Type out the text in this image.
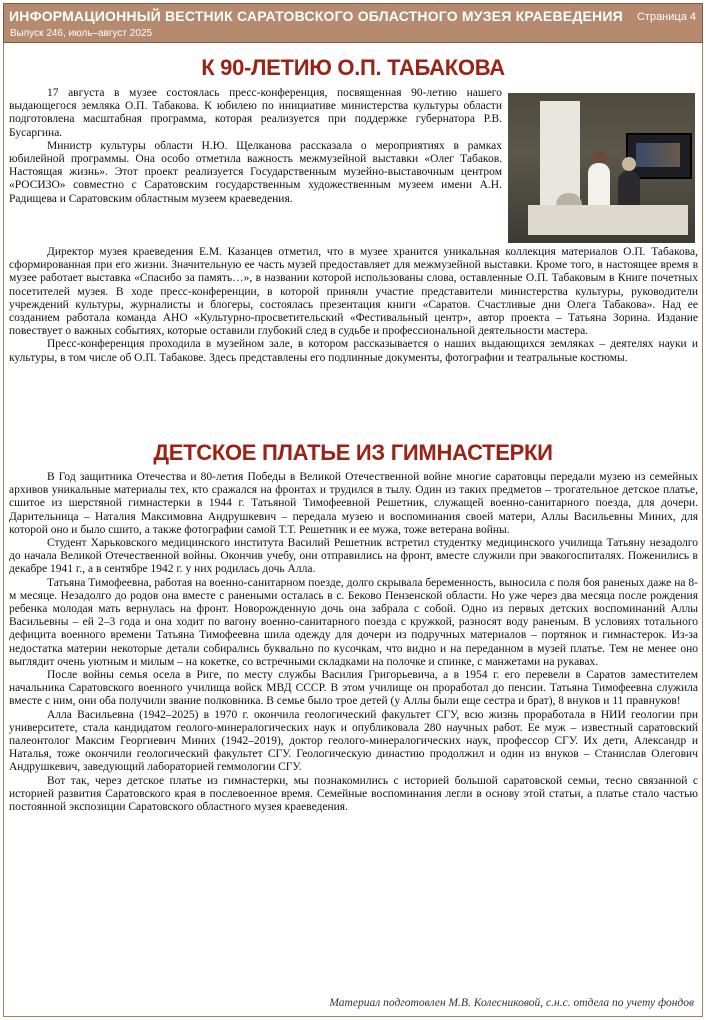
ИНФОРМАЦИОННЫЙ ВЕСТНИК САРАТОВСКОГО ОБЛАСТНОГО МУЗЕЯ КРАЕВЕДЕНИЯ
Выпуск 246, июль–август 2025
Страница 4
К 90-ЛЕТИЮ О.П. ТАБАКОВА

17 августа в музее состоялась пресс-конференция, посвященная 90-летию нашего выдающегося земляка О.П. Табакова. К юбилею по инициативе министерства культуры области подготовлена масштабная программа, которая реализуется при поддержке губернатора Р.В. Бусаргина.

Министр культуры области Н.Ю. Щелканова рассказала о мероприятиях в рамках юбилейной программы. Она особо отметила важность межмузейной выставки «Олег Табаков. Настоящая жизнь». Этот проект реализуется Государственным музейно-выставочным центром «РОСИЗО» совместно с Саратовским государственным художественным музеем имени А.Н. Радищева и Саратовским областным музеем краеведения.

Директор музея краеведения Е.М. Казанцев отметил, что в музее хранится уникальная коллекция материалов О.П. Табакова, сформированная при его жизни. Значительную ее часть музей предоставляет для межмузейной выставки. Кроме того, в настоящее время в музее работает выставка «Спасибо за память…», в названии которой использованы слова, оставленные О.П. Табаковым в Книге почетных посетителей музея. В ходе пресс-конференции, в которой приняли участие представители министерства культуры, руководители учреждений культуры, журналисты и блогеры, состоялась презентация книги «Саратов. Счастливые дни Олега Табакова». Над ее созданием работала команда АНО «Культурно-просветительский «Фестивальный центр», автор проекта – Татьяна Зорина. Издание повествует о важных событиях, которые оставили глубокий след в судьбе и профессиональной деятельности мастера.

Пресс-конференция проходила в музейном зале, в котором рассказывается о наших выдающихся земляках – деятелях науки и культуры, в том числе об О.П. Табакове. Здесь представлены его подлинные документы, фотографии и театральные костюмы.

ДЕТСКОЕ ПЛАТЬЕ ИЗ ГИМНАСТЕРКИ

В Год защитника Отечества и 80-летия Победы в Великой Отечественной войне многие саратовцы передали музею из семейных архивов уникальные материалы тех, кто сражался на фронтах и трудился в тылу. Один из таких предметов – трогательное детское платье, сшитое из шерстяной гимнастерки в 1944 г. Татьяной Тимофеевной Решетник, служащей военно-санитарного поезда, для дочери. Дарительница – Наталия Максимовна Андрушкевич – передала музею и воспоминания своей матери, Аллы Васильевны Миних, для которой оно и было сшито, а также фотографии самой Т.Т. Решетник и ее мужа, тоже ветерана войны.

Студент Харьковского медицинского института Василий Решетник встретил студентку медицинского училища Татьяну незадолго до начала Великой Отечественной войны. Окончив учебу, они отправились на фронт, вместе служили при эвакогоспиталях. Поженились в декабре 1941 г., а в сентябре 1942 г. у них родилась дочь Алла.

Татьяна Тимофеевна, работая на военно-санитарном поезде, долго скрывала беременность, выносила с поля боя раненых даже на 8-м месяце. Незадолго до родов она вместе с ранеными осталась в с. Беково Пензенской области. Но уже через два месяца после рождения ребенка молодая мать вернулась на фронт. Новорожденную дочь она забрала с собой. Одно из первых детских воспоминаний Аллы Васильевны – ей 2–3 года и она ходит по вагону военно-санитарного поезда с кружкой, разносят воду раненым. В условиях тотального дефицита военного времени Татьяна Тимофеевна шила одежду для дочери из подручных материалов – портянок и гимнастерок. Из-за недостатка материи некоторые детали собирались буквально по кусочкам, что видно и на переданном в музей платье. Тем не менее оно выглядит очень уютным и милым – на кокетке, со встречными складками на полочке и спинке, с манжетами на рукавах.

После войны семья осела в Риге, по месту службы Василия Григорьевича, а в 1954 г. его перевели в Саратов заместителем начальника Саратовского военного училища войск МВД СССР. В этом училище он проработал до пенсии. Татьяна Тимофеевна служила вместе с ним, они оба получили звание полковника. В семье было трое детей (у Аллы были еще сестра и брат), 8 внуков и 11 правнуков!

Алла Васильевна (1942–2025) в 1970 г. окончила геологический факультет СГУ, всю жизнь проработала в НИИ геологии при университете, стала кандидатом геолого-минералогических наук и опубликовала 280 научных работ. Ее муж – известный саратовский палеонтолог Максим Георгиевич Миних (1942–2019), доктор геолого-минералогических наук, профессор СГУ. Их дети, Александр и Наталья, тоже окончили геологический факультет СГУ. Геологическую династию продолжил и один из внуков – Станислав Олегович Андрушкевич, заведующий лабораторией геммологии СГУ.

Вот так, через детское платье из гимнастерки, мы познакомились с историей большой саратовской семьи, тесно связанной с историей развития Саратовского края в послевоенное время. Семейные воспоминания легли в основу этой статьи, а платье стало частью постоянной экспозиции Саратовского областного музея краеведения.

Материал подготовлен М.В. Колесниковой, с.н.с. отдела по учету фондов
